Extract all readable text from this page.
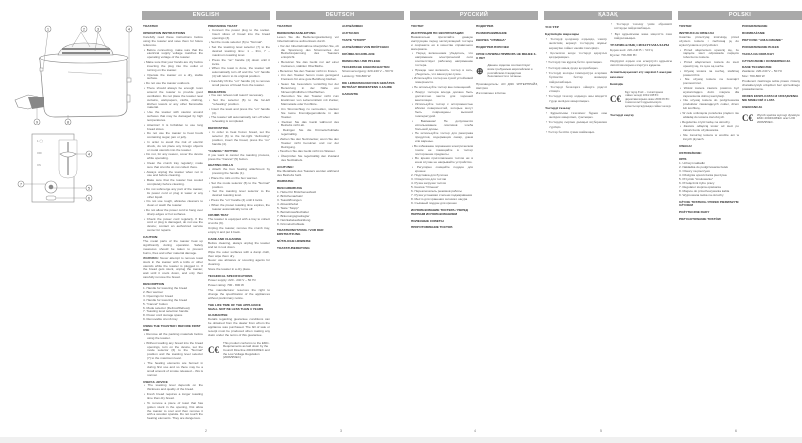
1	2	3	4
9	8
1 ◯
OFF
ON
4
7
5
6
ENGLISH	DEUTSCH	РУССКИЙ	ҚАЗАҚ	POLSKI
TOASTER
OPERATION INSTRUCTIONS
Carefully read these instructions before using the toaster and save them for future reference.
• Before connecting, make sure that the electrical supply voltage matches the operating voltage of the toaster.
• Make sure that your hands are dry before inserting the plug into the outlet or turning on the toaster.
• Operate the toaster on a dry, stable surface.
• Do not use the toaster outdoors.
• There should always be enough room around the toaster to provide good ventilation. Do not place the toaster near curtains, wall-papers, cloths, clothing, kitchen towels or any other flammable material.
• Use the toaster with caution around surfaces that may be damaged by high temperatures.
• Attention! It is forbidden to use long bread slices.
• Do not use the toaster to heat foods containing sugar, jam or jelly.
• In order to avoid the risk of electric shock, do not place any foreign objects or metal utensils into the toaster.
• Do not, for any reason, cover the device while operating.
• Clean the crumb tray regularly; make sure that crumbs do not collect there.
• Always unplug the toaster when not in use and before cleaning.
• Make sure that the toaster has cooled completely before cleaning.
• Do not submerge any part of the toaster, its power cord or plug in water or any other liquid.
• Do not use rough, abrasive cleaners to clean or wash the toaster.
• Do not allow the power cord to hang over sharp edges or hot surfaces.
• Check the power cord regularly. If the cord or plug is damaged, do not use the device; contact an authorized service center for repairs.
CAUTION:
The metal parts of the toaster heat up significantly during operation. Safety measures should be taken to prevent burns, fires and other material damage.
WARNING: Never attempt to remove toast stuck in the toaster with a knife or other utensils while the toaster is plugged in. If the bread gets stuck, unplug the toaster, wait until it cools down, and only then carefully remove the bread.
DESCRIPTION
1. Handle for lowering the bread
2. Bun warmer
3. Openings for bread
4. Handle for lowering the bread
5. "Cancel" button
6. Mode selector (Defrost/Reheat)
7. Toasting level selection handle
8. Power cord storage space
9. Removable crumb tray
USING THE TOASTER / BEFORE FIRST USE
• Remove all the packing materials before using the toaster.
• Without loading any bread into the bread openings, turn on the device, set the mode selector (6) to the "Normal" position and the toasting level selector (7) to the maximum level.
• The heating elements are burned in during first use and so there may be a small amount of smoke released – this is normal.
USEFUL ADVICE
• The toasting level depends on the thickness and quality of the bread.
• Fresh bread requires a longer toasting time than dry bread.
• To remove a piece of toast that has gotten stuck in the opening, first allow the toaster to cool and then remove it with a wooden spatula. Do not touch the heating elements. They are dangerous.
PREPARING TOAST
• Connect the power plug to the socket. Insert slices of bread into the bread openings (3).
• Set the mode selector (6) to "Normal".
• Set the toasting level selector (7) to the desired toasting time: 1 – thin, 7 – maximum toasting level.
• Press the "on" handle (4) down until it locks.
• When the toast is done, the toaster will automatically turn off and the "on" handle (4) will return to its original position.
• Carefully lift the "on" handle (4) to remove small pieces of bread from the toaster.
REHEATING
• You can reheat cold toast if necessary.
• Set the selector (6) to the far-left "reheating" position.
• Insert the toast and press the "on" handle (4).
• The toaster will automatically turn off when reheating is completed.
DEFROSTING
• In order to heat frozen bread, set the selector (6) to the far-right "defrosting" position, insert the bread, press the "on" handle (4).
"CANCEL" BUTTON
If you want to cancel the toasting process, press the "Cancel" (5) button.
HEATING ROLLS
• Attach the bun heating attachment by pressing the handle (1).
• Place the rolls on the bun warmer.
• Set the mode selector (6) to the "Normal" position.
• Set the toasting level selector to the desired toasting level.
• Press the "on" handle (4) until it locks.
• When the preset toasting time expires, the toaster automatically turns off.
CRUMB TRAY
The toaster is equipped with a tray to collect crumbs (9).
Unplug the toaster, remove the crumb tray, empty it and put it back.
CARE AND CLEANING
Before cleaning, always unplug the toaster and let it cool down.
Wipe the outer surfaces with a damp cloth, then wipe them dry.
Never use abrasive or scouring agents for cleaning.
Store the toaster in a dry place.
TECHNICAL SPECIFICATIONS
Power supply: 220 - 240 V ~ 50 Hz
Power rating: 700 - 800 W
The manufacturer reserves the right to change the specification of the appliances without preliminary notice.
THE LIFE TIME OF THE APPLIANCE SHALL NOT BE LESS THAN 3 YEARS
GUARANTEE
Details regarding guarantee conditions can be obtained from the dealer from whom the appliance was purchased. The bill of sale or receipt must be produced when making any claim under the terms of this guarantee.
C€
This product conforms to the EMC-Requirements as laid down by the Council Directive 2004/108/EC and the Low Voltage Regulation (2006/95/EC)
2
TOASTER
BEDIENUNGSANLEITUNG
Lesen Sie die Bedienungsanleitung vor Inbetriebnahme aufmerksam durch.
• Vor der Inbetriebnahme überprüfen Sie, ob die Spannung des Stromnetzes der Betriebsspannung des Toasters entspricht.
• Benutzen Sie das Gerät nur auf einer trockenen, stabilen Oberfläche.
• Benutzen Sie den Toaster nicht im Freien.
• Um den Toaster herum muss genügend Freiraum für eine gute Belüftung bleiben.
• Seien Sie besonders vorsichtig bei der Benutzung in der Nähe von hitzeempfindlichen Oberflächen.
• Benutzen Sie den Toaster nicht zum Erwärmen von Lebensmitteln mit Zucker, Marmelade oder Konfitüre.
• Um Stromschlag zu vermeiden, stecken Sie keine Fremdgegenstände in den Toaster.
• Decken Sie das Gerät während des Betriebs nicht ab.
• Reinigen Sie die Krümelschublade regelmäßig.
• Ziehen Sie den Netzstecker, wenn Sie den Toaster nicht benutzen und vor der Reinigung.
• Tauchen Sie das Gerät nicht ins Wasser.
• Überprüfen Sie regelmäßig den Zustand des Netzkabels.
ACHTUNG!
Die Metallteile des Toasters werden während des Betriebs heiß.
WARNUNG:
BESCHREIBUNG
1. Hebel für Brötchenaufsatz
2. Brötchenaufsatz
3. Toastöffnungen
4. Absenkhebel
5. Taste "Stopp"
6. Betriebswahlschalter
7. Bräunungsgradregler
8. Netzkabelaufwicklung
9. Krümelschublade
TOASTERNUTZUNG / VOR DER ERSTNUTZUNG
NÜTZLICHE HINWEISE
TOASTZUBEREITUNG
AUFWÄRMEN
AUFTAUEN
TASTE "STOPP"
AUFWÄRMEN VON BRÖTCHEN
KRÜMELSCHUBLADE
REINIGUNG UND PFLEGE
TECHNISCHE EIGENSCHAFTEN
Stromversorgung: 220-240 V ~ 50 Hz
Leistung: 700-800 W
DIE LEBENSDAUER DES GERÄTES BETRÄGT MINDESTENS 3 JAHRE
GARANTIE
3
ТОСТЕР
ИНСТРУКЦИЯ ПО ЭКСПЛУАТАЦИИ
Внимательно прочитайте данную инструкцию перед эксплуатацией тостера и сохраните её в качестве справочного материала.
• Перед включением убедитесь, что напряжение электрической сети соответствует рабочему напряжению тостера.
• Прежде чем включить тостер в сеть, убедитесь, что ваши руки сухие.
• Используйте тостер на сухой устойчивой поверхности.
• Не используйте тостер вне помещений.
• Вокруг тостера всегда должно быть достаточно места для хорошей вентиляции.
• Используйте тостер с осторожностью вблизи поверхностей, которые могут быть повреждены высокой температурой.
• Внимание! Не допускается использование ломтиков хлеба большой длины.
• Не используйте тостер для разогрева продуктов, содержащих сахар, джем или варенье.
• Во избежание поражения электрическим током не помещайте в тостер посторонние предметы.
• Во время приготовления тостов ни в коем случае не накрывайте устройство.
• Регулярно очищайте поддон для крошек.
2. Подставка для булочек
3. Отверстия для тостов
4. Ручка загрузки тостов
5. Кнопка "Отмена"
6. Переключатель режимов работы
7. Ручка установки степени поджаривания
8. Место для хранения сетевого шнура
9. Съёмный поддон для крошек
ИСПОЛЬЗОВАНИЕ ТОСТЕРА / ПЕРЕД ПЕРВЫМ ИСПОЛЬЗОВАНИЕМ
ПОЛЕЗНЫЕ СОВЕТЫ
ПРИГОТОВЛЕНИЕ ТОСТОВ
ПОДОГРЕВ
РАЗМОРАЖИВАНИЕ
КНОПКА "ОТМЕНА"
ПОДОГРЕВ БУЛОЧЕК
СРОК СЛУЖБЫ ПРИБОРА НЕ МЕНЕЕ 3-Х ЛЕТ
⊕
Данное изделие соответствует всем требуемым европейским и российским стандартам безопасности и гигиены.
Производитель: АО ДЭС ЭНТЕРПРАЙЗ, Австрия
Изготовлено в Китае
4
ТОСТЕР
Қауіпсіздік шаралары
• Тостерді қолданар алдында, электр желісінің кернеуі тостердің жұмыс кернеуіне сәйкес екенін тексеріңіз.
• Қосылған кезде тостерді қараусыз қалдырмаңыз.
• Тостерді тек құрғақ бетте орнатыңыз.
• Тостерді ашық ауада қолданбаңыз.
• Тостерді жоғары температура әсерінен бүлінетін беттер жанында пайдаланбаңыз.
• Тостерді балаларға ойнауға рұқсат етпеңіз.
• Тостерді тазалау алдында оны міндетті түрде желіден ажыратыңыз.
Тостерді тазалау
• Құрылғыны тазаламас бұрын оны желіден ажыратып, суытыңыз.
• Тостердің сыртын дымқыл шүберекпен сүртіңіз.
• Тостер бөлігін сумен шаймаңыз.
• Тостерді тазалау үшін абразивті заттарды пайдаланбаңыз.
• Бұл құрылғыны жеке мақсатта ғана пайдаланыңыз.
ТЕХНИКАЛЫҚ СИПАТТАМАЛАРЫ
Қорек көзі: 220-240 В ~ 50 Гц
Қуаты: 700-800 Вт
Өндіруші алдын ала ескертусіз құрылғы сипаттамаларын өзгертуге құқылы.
Аспаптың қызмет ету мерзімі 3 жылдан кем емес
Кепілдік
C€
Бұл тауар ЕАС – талаптарына сәйкес келеді 2004/108/ЕС директиваларына және 2006/95/ЕС төмен вольтті құрылғыларға қатысты нұсқаулыққа сәйкес келеді.
Тостерді сақтау
5
TOSTER
INSTRUKCJA OBSŁUGI
Uważnie przeczytaj instrukcję przed użyciem tostera i zachowaj ją do wykorzystania w przyszłości.
• Przed włączeniem upewnij się, że napięcie sieci odpowiada napięciu roboczemu tostera.
• Przed włączeniem tostera do sieci upewnij się, że ręce są suche.
• Używaj tostera na suchej, stabilnej powierzchni.
• Nie używaj tostera na zewnątrz pomieszczeń.
• Wokół tostera zawsze powinno być wystarczająco dużo miejsca dla zapewnienia dobrej wentylacji.
• Nie używaj tostera do podgrzewania produktów zawierających cukier, dżem lub konfiturę.
• W celu uniknięcia porażenia prądem nie wkładaj do tostera ciał obcych.
• Regularnie czyść tackę na okruchy.
• Zawsze odłączaj toster od sieci po zakończeniu użytkowania.
• Nie zanurzaj tostera w wodzie ani w innych płynach.
UWAGA!
OSTRZEŻENIE:
OPIS
1. Uchwyt nakładki
2. Nakładka do podgrzewania bułek
3. Otwory na pieczywo
4. Dźwignia opuszczania pieczywa
5. Przycisk "Anulowanie"
6. Przełącznik trybu pracy
7. Regulator stopnia opiekania
8. Miejsce do przechowywania kabla
9. Wyjmowana tacka na okruchy
UŻYCIE TOSTERA / PRZED PIERWSZYM UŻYCIEM
POŻYTECZNE RADY
PRZYGOTOWANIE TOSTÓW
PODGRZEWANIE
ROZMRAŻANIE
PRZYCISK "ANULOWANIE"
PODGRZEWANIE BUŁEK
TACKA NA OKRUCHY
CZYSZCZENIE I KONSERWACJA
DANE TECHNICZNE
Zasilanie: 220-240 V ~ 50 Hz
Moc: 700-800 W
Producent zastrzega sobie prawo zmiany charakterystyk urządzeń bez uprzedniego powiadomienia.
OKRES EKSPLOATACJI URZĄDZENIA NIE MNIEJ NIŻ 3 LATA
GWARANCJA
C€ Wyrób spełnia wymogi dyrektyw EMC 2004/108/EC oraz LVD 2006/95/EC.
6
